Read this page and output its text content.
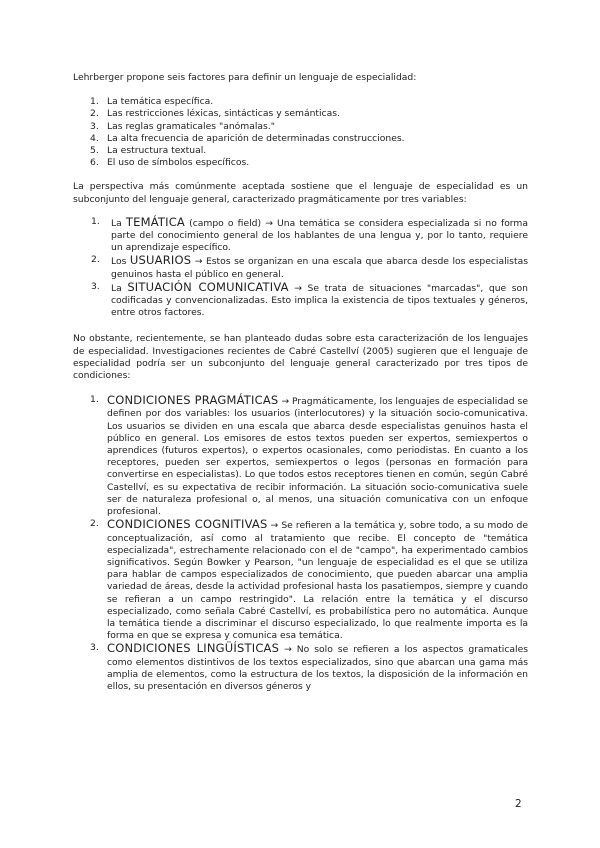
Lehrberger propone seis factores para definir un lenguaje de especialidad:

1. La temática específica.
2. Las restricciones léxicas, sintácticas y semánticas.
3. Las reglas gramaticales "anómalas."
4. La alta frecuencia de aparición de determinadas construcciones.
5. La estructura textual.
6. El uso de símbolos específicos.

La perspectiva más comúnmente aceptada sostiene que el lenguaje de especialidad es un subconjunto del lenguaje general, caracterizado pragmáticamente por tres variables:

1. La TEMÁTICA (campo o field) → Una temática se considera especializada si no forma parte del conocimiento general de los hablantes de una lengua y, por lo tanto, requiere un aprendizaje específico.
2. Los USUARIOS → Estos se organizan en una escala que abarca desde los especialistas genuinos hasta el público en general.
3. La SITUACIÓN COMUNICATIVA → Se trata de situaciones "marcadas", que son codificadas y convencionalizadas. Esto implica la existencia de tipos textuales y géneros, entre otros factores.

No obstante, recientemente, se han planteado dudas sobre esta caracterización de los lenguajes de especialidad. Investigaciones recientes de Cabré Castellví (2005) sugieren que el lenguaje de especialidad podría ser un subconjunto del lenguaje general caracterizado por tres tipos de condiciones:

1. CONDICIONES PRAGMÁTICAS → Pragmáticamente, los lenguajes de especialidad se definen por dos variables: los usuarios (interlocutores) y la situación socio-comunicativa. Los usuarios se dividen en una escala que abarca desde especialistas genuinos hasta el público en general. Los emisores de estos textos pueden ser expertos, semiexpertos o aprendices (futuros expertos), o expertos ocasionales, como periodistas. En cuanto a los receptores, pueden ser expertos, semiexpertos o legos (personas en formación para convertirse en especialistas). Lo que todos estos receptores tienen en común, según Cabré Castellví, es su expectativa de recibir información. La situación socio-comunicativa suele ser de naturaleza profesional o, al menos, una situación comunicativa con un enfoque profesional.
2. CONDICIONES COGNITIVAS → Se refieren a la temática y, sobre todo, a su modo de conceptualización, así como al tratamiento que recibe. El concepto de "temática especializada", estrechamente relacionado con el de "campo", ha experimentado cambios significativos. Según Bowker y Pearson, "un lenguaje de especialidad es el que se utiliza para hablar de campos especializados de conocimiento, que pueden abarcar una amplia variedad de áreas, desde la actividad profesional hasta los pasatiempos, siempre y cuando se refieran a un campo restringido". La relación entre la temática y el discurso especializado, como señala Cabré Castellví, es probabilística pero no automática. Aunque la temática tiende a discriminar el discurso especializado, lo que realmente importa es la forma en que se expresa y comunica esa temática.
3. CONDICIONES LINGÜÍSTICAS → No solo se refieren a los aspectos gramaticales como elementos distintivos de los textos especializados, sino que abarcan una gama más amplia de elementos, como la estructura de los textos, la disposición de la información en ellos, su presentación en diversos géneros y
2
